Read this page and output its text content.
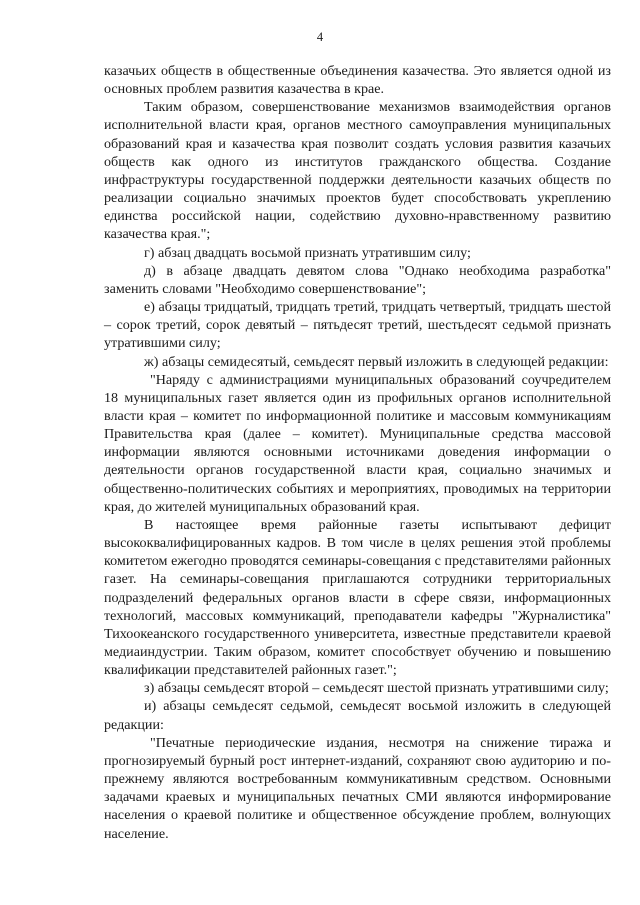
4

казачьих обществ в общественные объединения казачества. Это является одной из основных проблем развития казачества в крае.

Таким образом, совершенствование механизмов взаимодействия органов исполнительной власти края, органов местного самоуправления муниципальных образований края и казачества края позволит создать условия развития казачьих обществ как одного из институтов гражданского общества. Создание инфраструктуры государственной поддержки деятельности казачьих обществ по реализации социально значимых проектов будет способствовать укреплению единства российской нации, содействию духовно-нравственному развитию казачества края.";

г) абзац двадцать восьмой признать утратившим силу;

д) в абзаце двадцать девятом слова "Однако необходима разработка" заменить словами "Необходимо совершенствование";

е) абзацы тридцатый, тридцать третий, тридцать четвертый, тридцать шестой – сорок третий, сорок девятый – пятьдесят третий, шестьдесят седьмой признать утратившими силу;

ж) абзацы семидесятый, семьдесят первый изложить в следующей редакции:

"Наряду с администрациями муниципальных образований соучредителем 18 муниципальных газет является один из профильных органов исполнительной власти края – комитет по информационной политике и массовым коммуникациям Правительства края (далее – комитет). Муниципальные средства массовой информации являются основными источниками доведения информации о деятельности органов государственной власти края, социально значимых и общественно-политических событиях и мероприятиях, проводимых на территории края, до жителей муниципальных образований края.

В настоящее время районные газеты испытывают дефицит высококвалифицированных кадров. В том числе в целях решения этой проблемы комитетом ежегодно проводятся семинары-совещания с представителями районных газет. На семинары-совещания приглашаются сотрудники территориальных подразделений федеральных органов власти в сфере связи, информационных технологий, массовых коммуникаций, преподаватели кафедры "Журналистика" Тихоокеанского государственного университета, известные представители краевой медиаиндустрии. Таким образом, комитет способствует обучению и повышению квалификации представителей районных газет.";

з) абзацы семьдесят второй – семьдесят шестой признать утратившими силу;

и) абзацы семьдесят седьмой, семьдесят восьмой изложить в следующей редакции:

"Печатные периодические издания, несмотря на снижение тиража и прогнозируемый бурный рост интернет-изданий, сохраняют свою аудиторию и по-прежнему являются востребованным коммуникативным средством. Основными задачами краевых и муниципальных печатных СМИ являются информирование населения о краевой политике и общественное обсуждение проблем, волнующих население.
